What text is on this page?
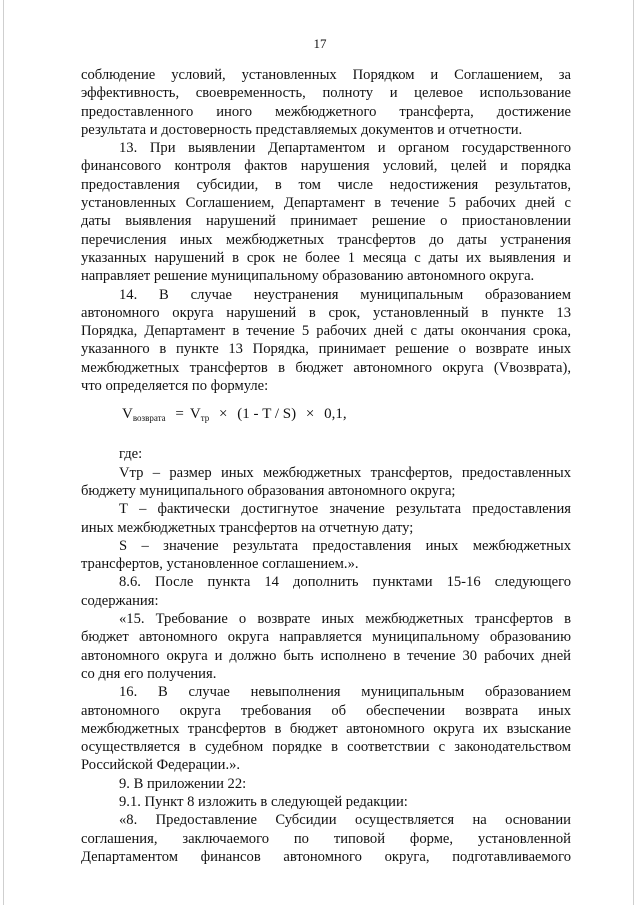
17

соблюдение условий, установленных Порядком и Соглашением, за

эффективность, своевременность, полноту и целевое использование

предоставленного иного межбюджетного трансферта, достижение

результата и достоверность представляемых документов и отчетности.

13. При выявлении Департаментом и органом государственного

финансового контроля фактов нарушения условий, целей и порядка

предоставления субсидии, в том числе недостижения результатов,

установленных Соглашением, Департамент в течение 5 рабочих дней с

даты выявления нарушений принимает решение о приостановлении

перечисления иных межбюджетных трансфертов до даты устранения

указанных нарушений в срок не более 1 месяца с даты их выявления и

направляет решение муниципальному образованию автономного округа.

14. В случае неустранения муниципальным образованием

автономного округа нарушений в срок, установленный в пункте 13

Порядка, Департамент в течение 5 рабочих дней с даты окончания срока,

указанного в пункте 13 Порядка, принимает решение о возврате иных

межбюджетных трансфертов в бюджет автономного округа (Vвозврата),

что определяется по формуле:

$V_{возврата} = V_{тр} \times (1 - T / S) \times 0,1$,

где:

Vтр – размер иных межбюджетных трансфертов, предоставленных

бюджету муниципального образования автономного округа;

Т – фактически достигнутое значение результата предоставления

иных межбюджетных трансфертов на отчетную дату;

S – значение результата предоставления иных межбюджетных

трансфертов, установленное соглашением.».

8.6. После пункта 14 дополнить пунктами 15-16 следующего

содержания:

«15. Требование о возврате иных межбюджетных трансфертов в

бюджет автономного округа направляется муниципальному образованию

автономного округа и должно быть исполнено в течение 30 рабочих дней

со дня его получения.

16. В случае невыполнения муниципальным образованием

автономного округа требования об обеспечении возврата иных

межбюджетных трансфертов в бюджет автономного округа их взыскание

осуществляется в судебном порядке в соответствии с законодательством

Российской Федерации.».

9. В приложении 22:

9.1. Пункт 8 изложить в следующей редакции:

«8. Предоставление Субсидии осуществляется на основании

соглашения, заключаемого по типовой форме, установленной

Департаментом финансов автономного округа, подготавливаемого
